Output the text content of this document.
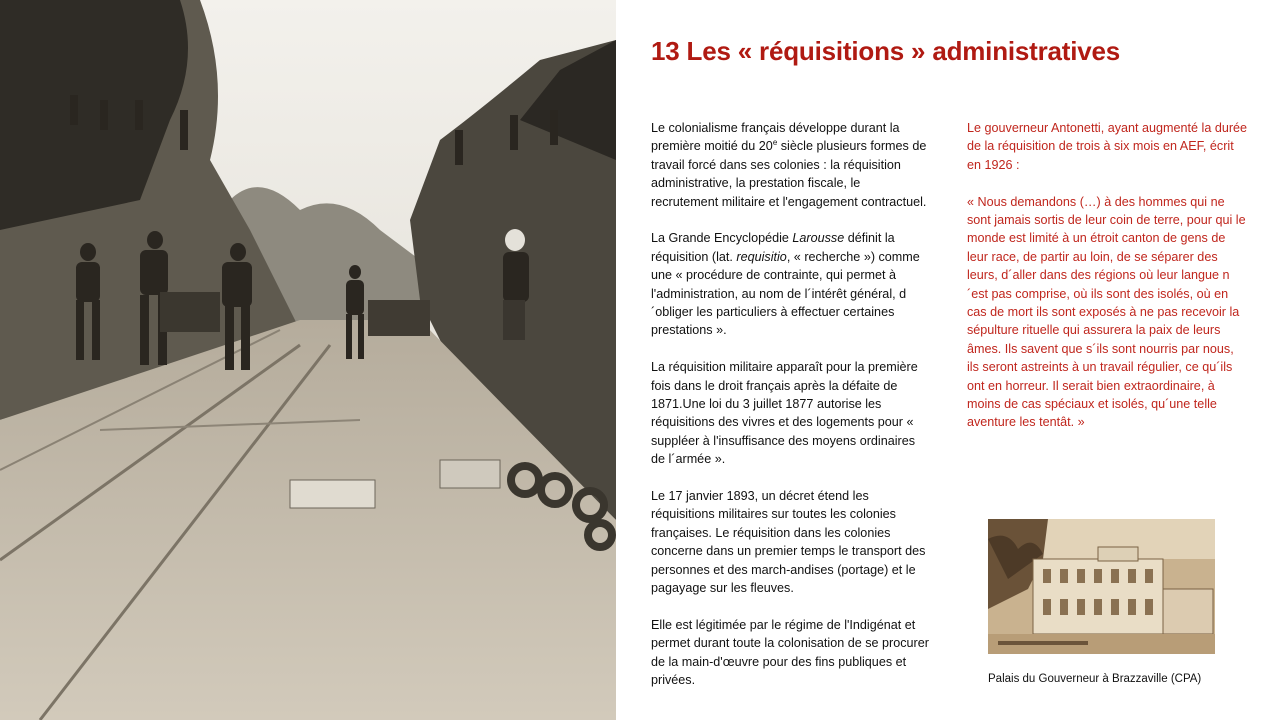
13 Les « réquisitions » administratives

Le colonialisme français développe durant la première moitié du 20e siècle plusieurs formes de travail forcé dans ses colonies : la réquisition administrative, la prestation fiscale, le recrutement militaire et l'engagement contractuel.

La Grande Encyclopédie Larousse définit la réquisition (lat. requisitio, « recherche ») comme une « procédure de contrainte, qui permet à l'administration, au nom de l´intérêt général, d´obliger les particuliers à effectuer certaines prestations ».

La réquisition militaire apparaît pour la première fois dans le droit français après la défaite de 1871.Une loi du 3 juillet 1877 autorise les réquisitions des vivres et des logements pour « suppléer à l'insuffisance des moyens ordinaires de l´armée ».

Le 17 janvier 1893, un décret étend les réquisitions militaires sur toutes les colonies françaises. Le réquisition dans les colonies concerne dans un premier temps le transport des personnes et des march-andises (portage) et le pagayage sur les fleuves.

Elle est légitimée par le régime de l'Indigénat et permet durant toute la colonisation de se procurer de la main-d'œuvre pour des fins publiques et privées.

Le gouverneur Antonetti, ayant augmenté la durée de la réquisition de trois à six mois en AEF, écrit en 1926 :

« Nous demandons (…) à des hommes qui ne sont jamais sortis de leur coin de terre, pour qui le monde est limité à un étroit canton de gens de leur race, de partir au loin, de se séparer des leurs, d´aller dans des régions où leur langue n´est pas comprise, où ils sont des isolés, où en cas de mort ils sont exposés à ne pas recevoir la sépulture rituelle qui assurera la paix de leurs âmes. Ils savent que s´ils sont nourris par nous, ils seront astreints à un travail régulier, ce qu´ils ont en horreur. Il serait bien extraordinaire, à moins de cas spéciaux et isolés, qu´une telle aventure les tentât. »

Palais du Gouverneur à Brazzaville (CPA)
